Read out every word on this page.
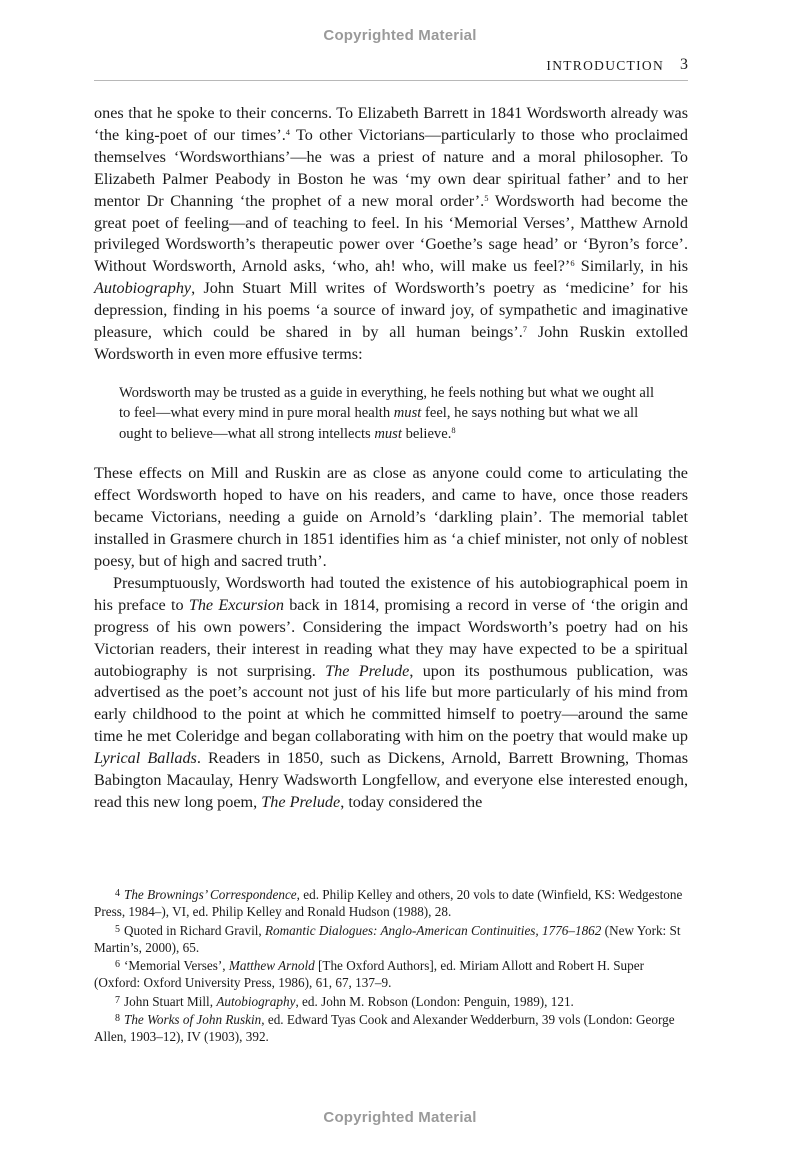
Copyrighted Material
INTRODUCTION 3

ones that he spoke to their concerns. To Elizabeth Barrett in 1841 Wordsworth already was ‘the king-poet of our times’.$^4$ To other Victorians—particularly to those who proclaimed themselves ‘Wordsworthians’—he was a priest of nature and a moral philosopher. To Elizabeth Palmer Peabody in Boston he was ‘my own dear spiritual father’ and to her mentor Dr Channing ‘the prophet of a new moral order’.$^5$ Wordsworth had become the great poet of feeling—and of teaching to feel. In his ‘Memorial Verses’, Matthew Arnold privileged Wordsworth’s therapeutic power over ‘Goethe’s sage head’ or ‘Byron’s force’. Without Wordsworth, Arnold asks, ‘who, ah! who, will make us feel?’$^6$ Similarly, in his Autobiography, John Stuart Mill writes of Wordsworth’s poetry as ‘medicine’ for his depression, finding in his poems ‘a source of inward joy, of sympathetic and imaginative pleasure, which could be shared in by all human beings’.$^7$ John Ruskin extolled Wordsworth in even more effusive terms:

Wordsworth may be trusted as a guide in everything, he feels nothing but what we ought all to feel—what every mind in pure moral health must feel, he says nothing but what we all ought to believe—what all strong intellects must believe.$^8$

These effects on Mill and Ruskin are as close as anyone could come to articulating the effect Wordsworth hoped to have on his readers, and came to have, once those readers became Victorians, needing a guide on Arnold’s ‘darkling plain’. The memorial tablet installed in Grasmere church in 1851 identifies him as ‘a chief minister, not only of noblest poesy, but of high and sacred truth’.

Presumptuously, Wordsworth had touted the existence of his autobiographical poem in his preface to The Excursion back in 1814, promising a record in verse of ‘the origin and progress of his own powers’. Considering the impact Wordsworth’s poetry had on his Victorian readers, their interest in reading what they may have expected to be a spiritual autobiography is not surprising. The Prelude, upon its posthumous publication, was advertised as the poet’s account not just of his life but more particularly of his mind from early childhood to the point at which he committed himself to poetry—around the same time he met Coleridge and began collaborating with him on the poetry that would make up Lyrical Ballads. Readers in 1850, such as Dickens, Arnold, Barrett Browning, Thomas Babington Macaulay, Henry Wadsworth Longfellow, and everyone else interested enough, read this new long poem, The Prelude, today considered the

4 The Brownings’ Correspondence, ed. Philip Kelley and others, 20 vols to date (Winfield, KS: Wedgestone Press, 1984–), VI, ed. Philip Kelley and Ronald Hudson (1988), 28.
5 Quoted in Richard Gravil, Romantic Dialogues: Anglo-American Continuities, 1776–1862 (New York: St Martin’s, 2000), 65.
6 ‘Memorial Verses’, Matthew Arnold [The Oxford Authors], ed. Miriam Allott and Robert H. Super (Oxford: Oxford University Press, 1986), 61, 67, 137–9.
7 John Stuart Mill, Autobiography, ed. John M. Robson (London: Penguin, 1989), 121.
8 The Works of John Ruskin, ed. Edward Tyas Cook and Alexander Wedderburn, 39 vols (London: George Allen, 1903–12), IV (1903), 392.
Copyrighted Material
